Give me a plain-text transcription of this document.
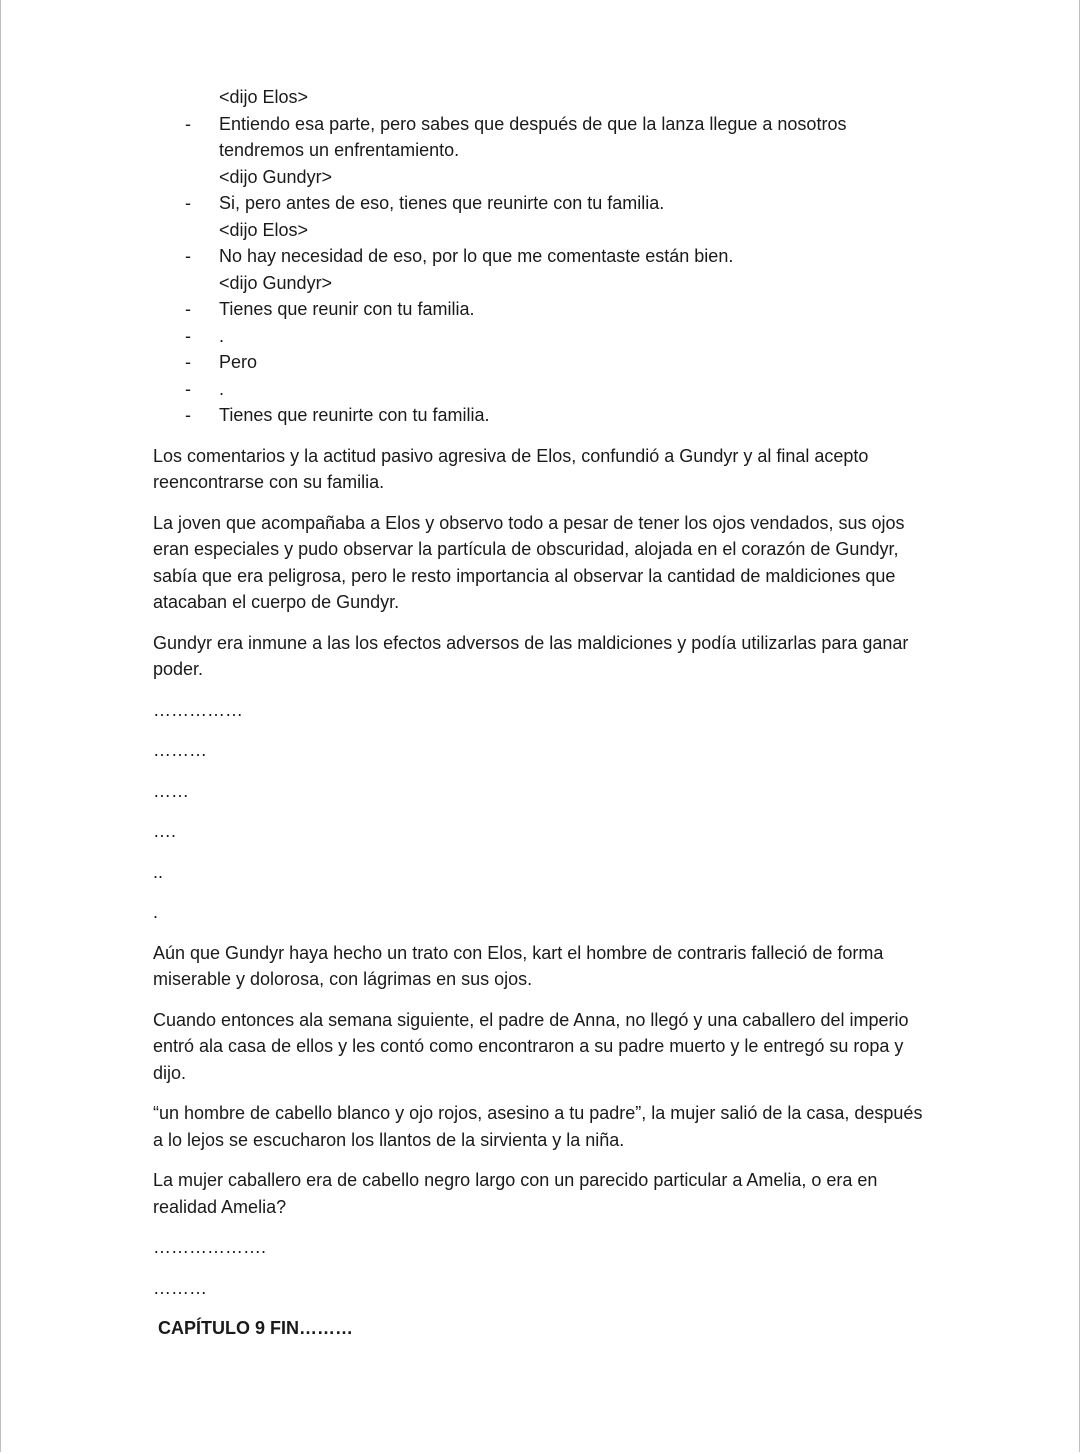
<dijo Elos>
- Entiendo esa parte, pero sabes que después de que la lanza llegue a nosotros tendremos un enfrentamiento.
<dijo Gundyr>
- Si, pero antes de eso, tienes que reunirte con tu familia.
<dijo Elos>
- No hay necesidad de eso, por lo que me comentaste están bien.
<dijo Gundyr>
- Tienes que reunir con tu familia.
- .
- Pero
- .
- Tienes que reunirte con tu familia.

Los comentarios y la actitud pasivo agresiva de Elos, confundió a Gundyr y al final acepto reencontrarse con su familia.

La joven que acompañaba a Elos y observo todo a pesar de tener los ojos vendados, sus ojos eran especiales y pudo observar la partícula de obscuridad, alojada en el corazón de Gundyr, sabía que era peligrosa, pero le resto importancia al observar la cantidad de maldiciones que atacaban el cuerpo de Gundyr.

Gundyr era inmune a las los efectos adversos de las maldiciones y podía utilizarlas para ganar poder.

……………
………
……
….
..
.

Aún que Gundyr haya hecho un trato con Elos, kart el hombre de contraris falleció de forma miserable y dolorosa, con lágrimas en sus ojos.

Cuando entonces ala semana siguiente, el padre de Anna, no llegó y una caballero del imperio entró ala casa de ellos y les contó como encontraron a su padre muerto y le entregó su ropa y dijo.

“un hombre de cabello blanco y ojo rojos, asesino a tu padre”, la mujer salió de la casa, después a lo lejos se escucharon los llantos de la sirvienta y la niña.

La mujer caballero era de cabello negro largo con un parecido particular a Amelia, o era en realidad Amelia?

……………….
………
CAPÍTULO 9 FIN………
